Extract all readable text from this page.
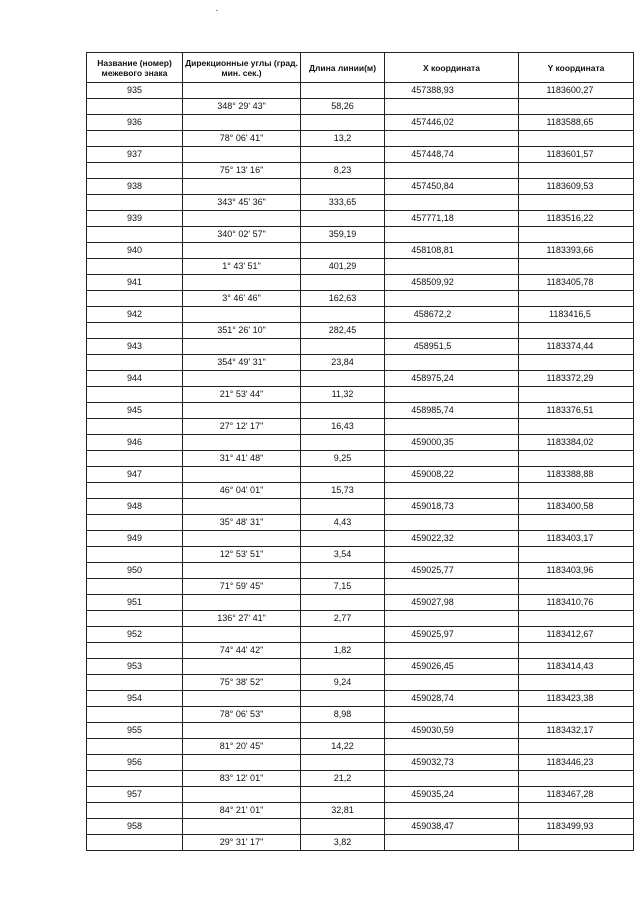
Название (номер) межевого знака	Дирекционные углы (град. мин. сек.)	Длина линии(м)	X координата	Y координата
935			457388,93	1183600,27
	348° 29' 43"	58,26		
936			457446,02	1183588,65
	78° 06' 41"	13,2		
937			457448,74	1183601,57
	75° 13' 16"	8,23		
938			457450,84	1183609,53
	343° 45' 36"	333,65		
939			457771,18	1183516,22
	340° 02' 57"	359,19		
940			458108,81	1183393,66
	1° 43' 51"	401,29		
941			458509,92	1183405,78
	3° 46' 46"	162,63		
942			458672,2	1183416,5
	351° 26' 10"	282,45		
943			458951,5	1183374,44
	354° 49' 31"	23,84		
944			458975,24	1183372,29
	21° 53' 44"	11,32		
945			458985,74	1183376,51
	27° 12' 17"	16,43		
946			459000,35	1183384,02
	31° 41' 48"	9,25		
947			459008,22	1183388,88
	46° 04' 01"	15,73		
948			459018,73	1183400,58
	35° 48' 31"	4,43		
949			459022,32	1183403,17
	12° 53' 51"	3,54		
950			459025,77	1183403,96
	71° 59' 45"	7,15		
951			459027,98	1183410,76
	136° 27' 41"	2,77		
952			459025,97	1183412,67
	74° 44' 42"	1,82		
953			459026,45	1183414,43
	75° 38' 52"	9,24		
954			459028,74	1183423,38
	78° 06' 53"	8,98		
955			459030,59	1183432,17
	81° 20' 45"	14,22		
956			459032,73	1183446,23
	83° 12' 01"	21,2		
957			459035,24	1183467,28
	84° 21' 01"	32,81		
958			459038,47	1183499,93
	29° 31' 17"	3,82		
